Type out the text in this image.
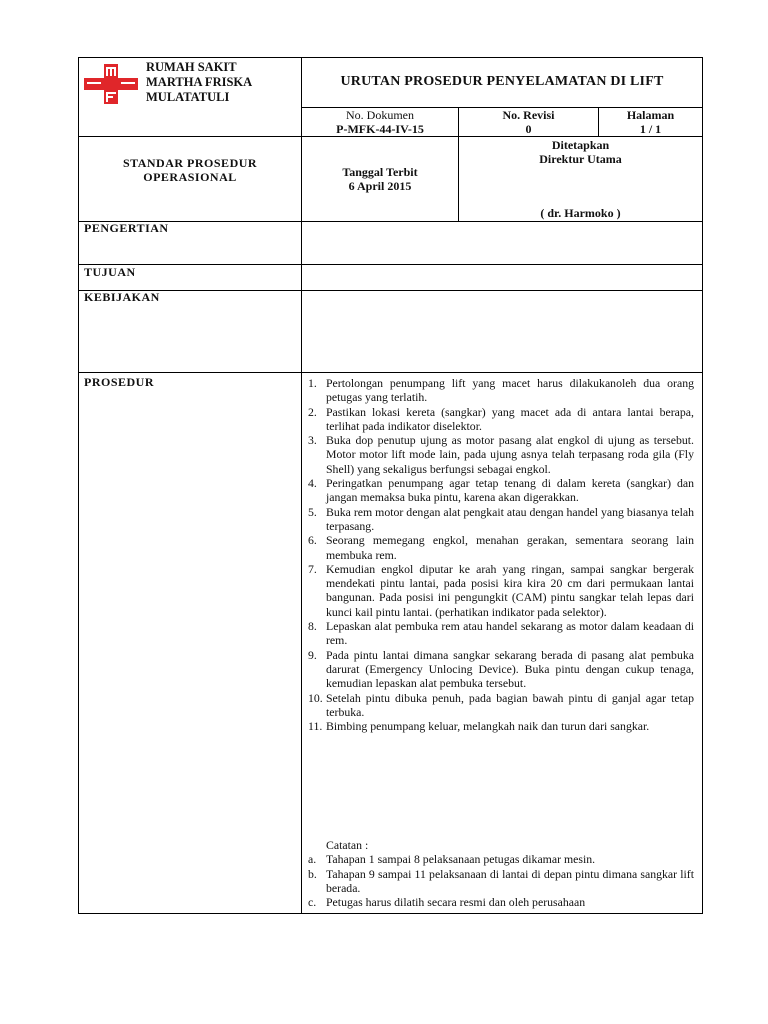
RUMAH SAKIT
MARTHA FRISKA
MULATATULI
URUTAN PROSEDUR PENYELAMATAN DI LIFT
No. Dokumen
P-MFK-44-IV-15
No. Revisi
0
Halaman
1 / 1
STANDAR PROSEDUR
OPERASIONAL	Tanggal Terbit
6 April 2015
Ditetapkan
Direktur Utama
( dr. Harmoko )
PENGERTIAN
TUJUAN
KEBIJAKAN
PROSEDUR	1. Pertolongan penumpang lift yang macet harus dilakukanoleh dua orang petugas yang terlatih.
2. Pastikan lokasi kereta (sangkar) yang macet ada di antara lantai berapa, terlihat pada indikator diselektor.
3. Buka dop penutup ujung as motor pasang alat engkol di ujung as tersebut. Motor motor lift mode lain, pada ujung asnya telah terpasang roda gila (Fly Shell) yang sekaligus berfungsi sebagai engkol.
4. Peringatkan penumpang agar tetap tenang di dalam kereta (sangkar) dan jangan memaksa buka pintu, karena akan digerakkan.
5. Buka rem motor dengan alat pengkait atau dengan handel yang biasanya telah terpasang.
6. Seorang memegang engkol, menahan gerakan, sementara seorang lain membuka rem.
7. Kemudian engkol diputar ke arah yang ringan, sampai sangkar bergerak mendekati pintu lantai, pada posisi kira kira 20 cm dari permukaan lantai bangunan. Pada posisi ini pengungkit (CAM) pintu sangkar telah lepas dari kunci kail pintu lantai. (perhatikan indikator pada selektor).
8. Lepaskan alat pembuka rem atau handel sekarang as motor dalam keadaan di rem.
9. Pada pintu lantai dimana sangkar sekarang berada di pasang alat pembuka darurat (Emergency Unlocing Device). Buka pintu dengan cukup tenaga, kemudian lepaskan alat pembuka tersebut.
10. Setelah pintu dibuka penuh, pada bagian bawah pintu di ganjal agar tetap terbuka.
11. Bimbing penumpang keluar, melangkah naik dan turun dari sangkar.
Catatan :
a. Tahapan 1 sampai 8 pelaksanaan petugas dikamar mesin.
b. Tahapan 9 sampai 11 pelaksanaan di lantai di depan pintu dimana sangkar lift berada.
c. Petugas harus dilatih secara resmi dan oleh perusahaan
